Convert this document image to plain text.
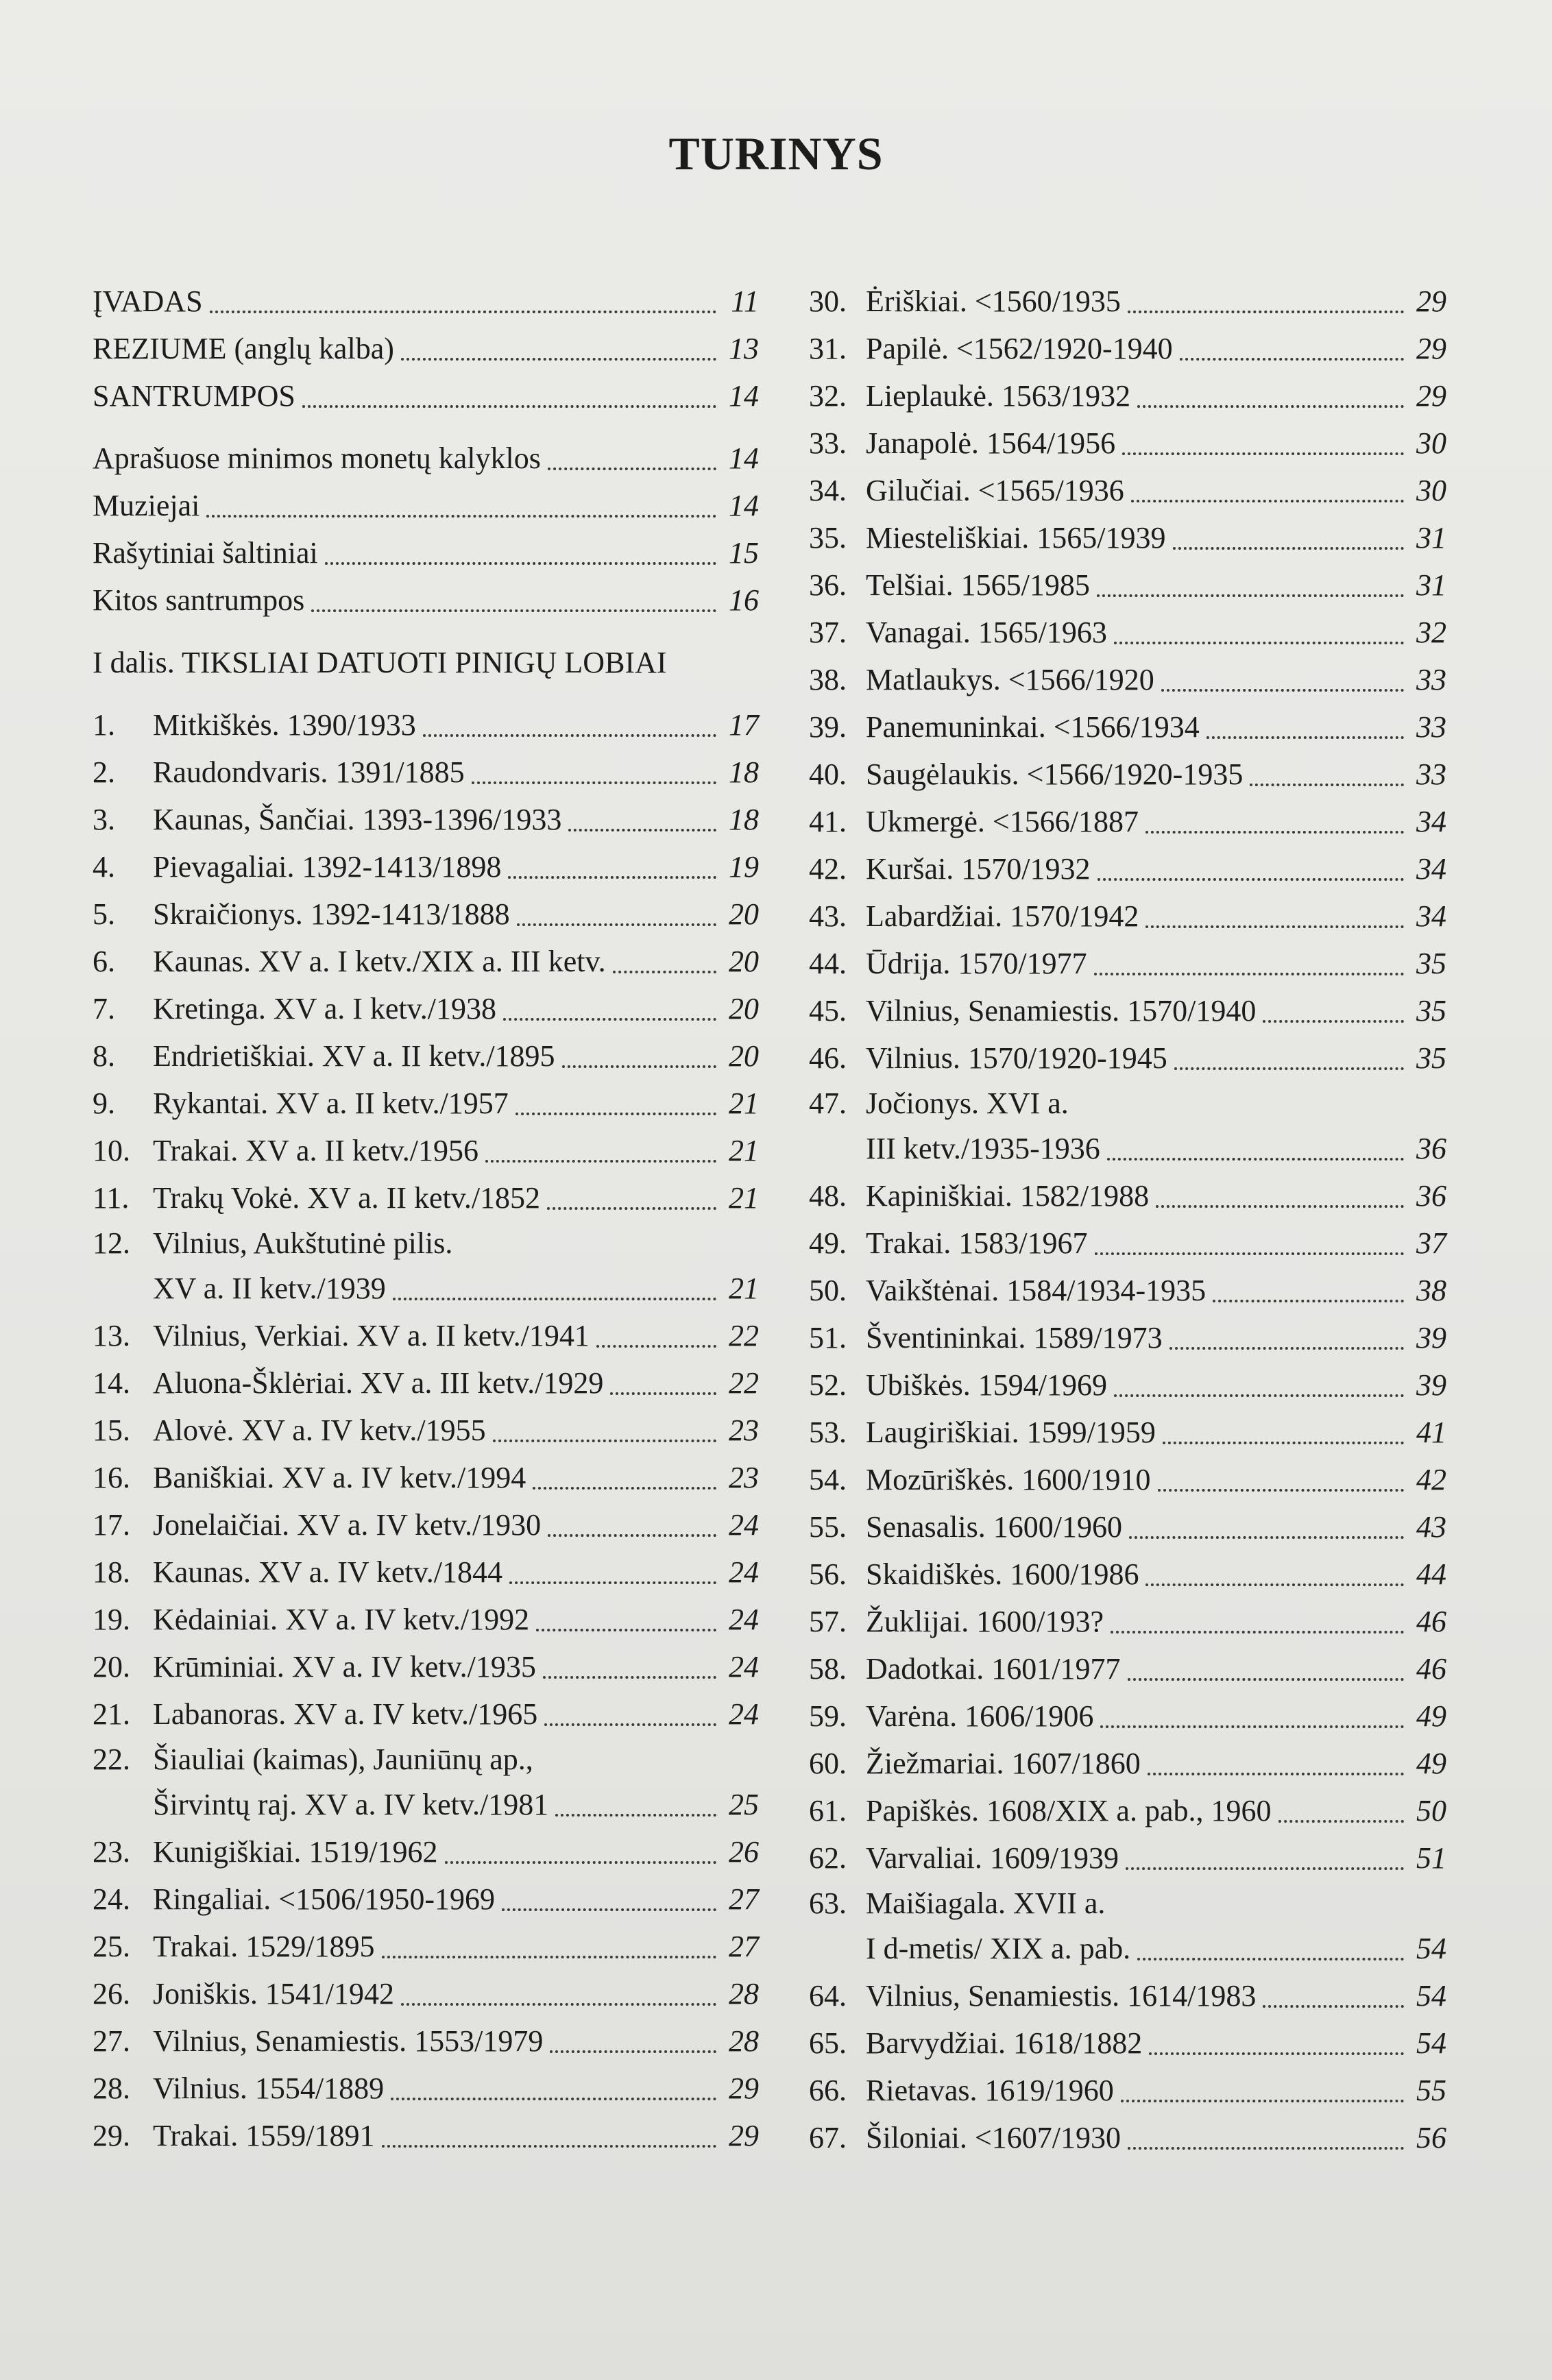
TURINYS
ĮVADAS	11
REZIUME (anglų kalba)	13
SANTRUMPOS	14
Aprašuose minimos monetų kalyklos	14
Muziejai	14
Rašytiniai šaltiniai	15
Kitos santrumpos	16
I dalis. TIKSLIAI DATUOTI PINIGŲ LOBIAI
1.	Mitkiškės. 1390/1933	17
2.	Raudondvaris. 1391/1885	18
3.	Kaunas, Šančiai. 1393-1396/1933	18
4.	Pievagaliai. 1392-1413/1898	19
5.	Skraičionys. 1392-1413/1888	20
6.	Kaunas. XV a. I ketv./XIX a. III ketv.	20
7.	Kretinga. XV a. I ketv./1938	20
8.	Endrietiškiai. XV a. II ketv./1895	20
9.	Rykantai. XV a. II ketv./1957	21
10. Trakai. XV a. II ketv./1956	21
11. Trakų Vokė. XV a. II ketv./1852	21
12. Vilnius, Aukštutinė pilis.
XV a. II ketv./1939	21
13. Vilnius, Verkiai. XV a. II ketv./1941	22
14. Aluona-Šklėriai. XV a. III ketv./1929	22
15. Alovė. XV a. IV ketv./1955	23
16. Baniškiai. XV a. IV ketv./1994	23
17. Jonelaičiai. XV a. IV ketv./1930	24
18. Kaunas. XV a. IV ketv./1844	24
19. Kėdainiai. XV a. IV ketv./1992	24
20. Krūminiai. XV a. IV ketv./1935	24
21. Labanoras. XV a. IV ketv./1965	24
22. Šiauliai (kaimas), Jauniūnų ap.,
Širvintų raj. XV a. IV ketv./1981	25
23. Kunigiškiai. 1519/1962	26
24. Ringaliai. <1506/1950-1969	27
25. Trakai. 1529/1895	27
26. Joniškis. 1541/1942	28
27. Vilnius, Senamiestis. 1553/1979	28
28. Vilnius. 1554/1889	29
29. Trakai. 1559/1891	29
30. Ėriškiai. <1560/1935	29
31. Papilė. <1562/1920-1940	29
32. Lieplaukė. 1563/1932	29
33. Janapolė. 1564/1956	30
34. Gilučiai. <1565/1936	30
35. Miesteliškiai. 1565/1939	31
36. Telšiai. 1565/1985	31
37. Vanagai. 1565/1963	32
38. Matlaukys. <1566/1920	33
39. Panemuninkai. <1566/1934	33
40. Saugėlaukis. <1566/1920-1935	33
41. Ukmergė. <1566/1887	34
42. Kuršai. 1570/1932	34
43. Labardžiai. 1570/1942	34
44. Ūdrija. 1570/1977	35
45. Vilnius, Senamiestis. 1570/1940	35
46. Vilnius. 1570/1920-1945	35
47. Jočionys. XVI a.
III ketv./1935-1936	36
48. Kapiniškiai. 1582/1988	36
49. Trakai. 1583/1967	37
50. Vaikštėnai. 1584/1934-1935	38
51. Šventininkai. 1589/1973	39
52. Ubiškės. 1594/1969	39
53. Laugiriškiai. 1599/1959	41
54. Mozūriškės. 1600/1910	42
55. Senasalis. 1600/1960	43
56. Skaidiškės. 1600/1986	44
57. Žuklijai. 1600/193?	46
58. Dadotkai. 1601/1977	46
59. Varėna. 1606/1906	49
60. Žiežmariai. 1607/1860	49
61. Papiškės. 1608/XIX a. pab., 1960	50
62. Varvaliai. 1609/1939	51
63. Maišiagala. XVII a.
I d-metis/ XIX a. pab.	54
64. Vilnius, Senamiestis. 1614/1983	54
65. Barvydžiai. 1618/1882	54
66. Rietavas. 1619/1960	55
67. Šiloniai. <1607/1930	56
